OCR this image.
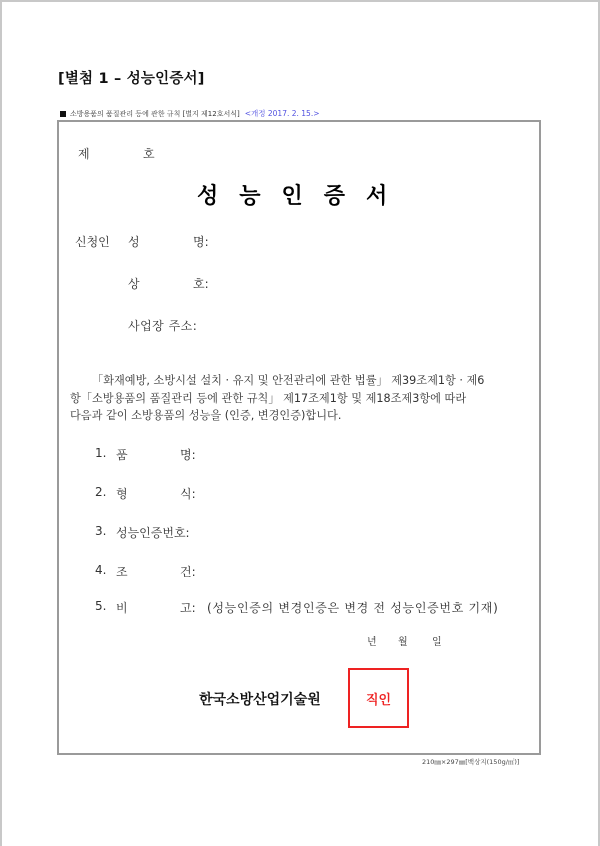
[별첨 1 – 성능인증서]
소방용품의 품질관리 등에 관한 규칙 [별지 제12호서식] <개정 2017. 2. 15.>
제	호
성능인증서
신청인 성	명:
상	호:
사업장 주소:
「화재예방, 소방시설 설치 · 유지 및 안전관리에 관한 법률」 제39조제1항 · 제6
항「소방용품의 품질관리 등에 관한 규칙」 제17조제1항 및 제18조제3항에 따라
다음과 같이 소방용품의 성능을 (인증, 변경인증)합니다.
1. 품	명:
2. 형	식:
3. 성능인증번호:
4. 조	건:
5. 비	고: (성능인증의 변경인증은 변경 전 성능인증번호 기재)
년 월 일
한국소방산업기술원	직인
210㎜×297㎜[백상지(150g/㎡)]
